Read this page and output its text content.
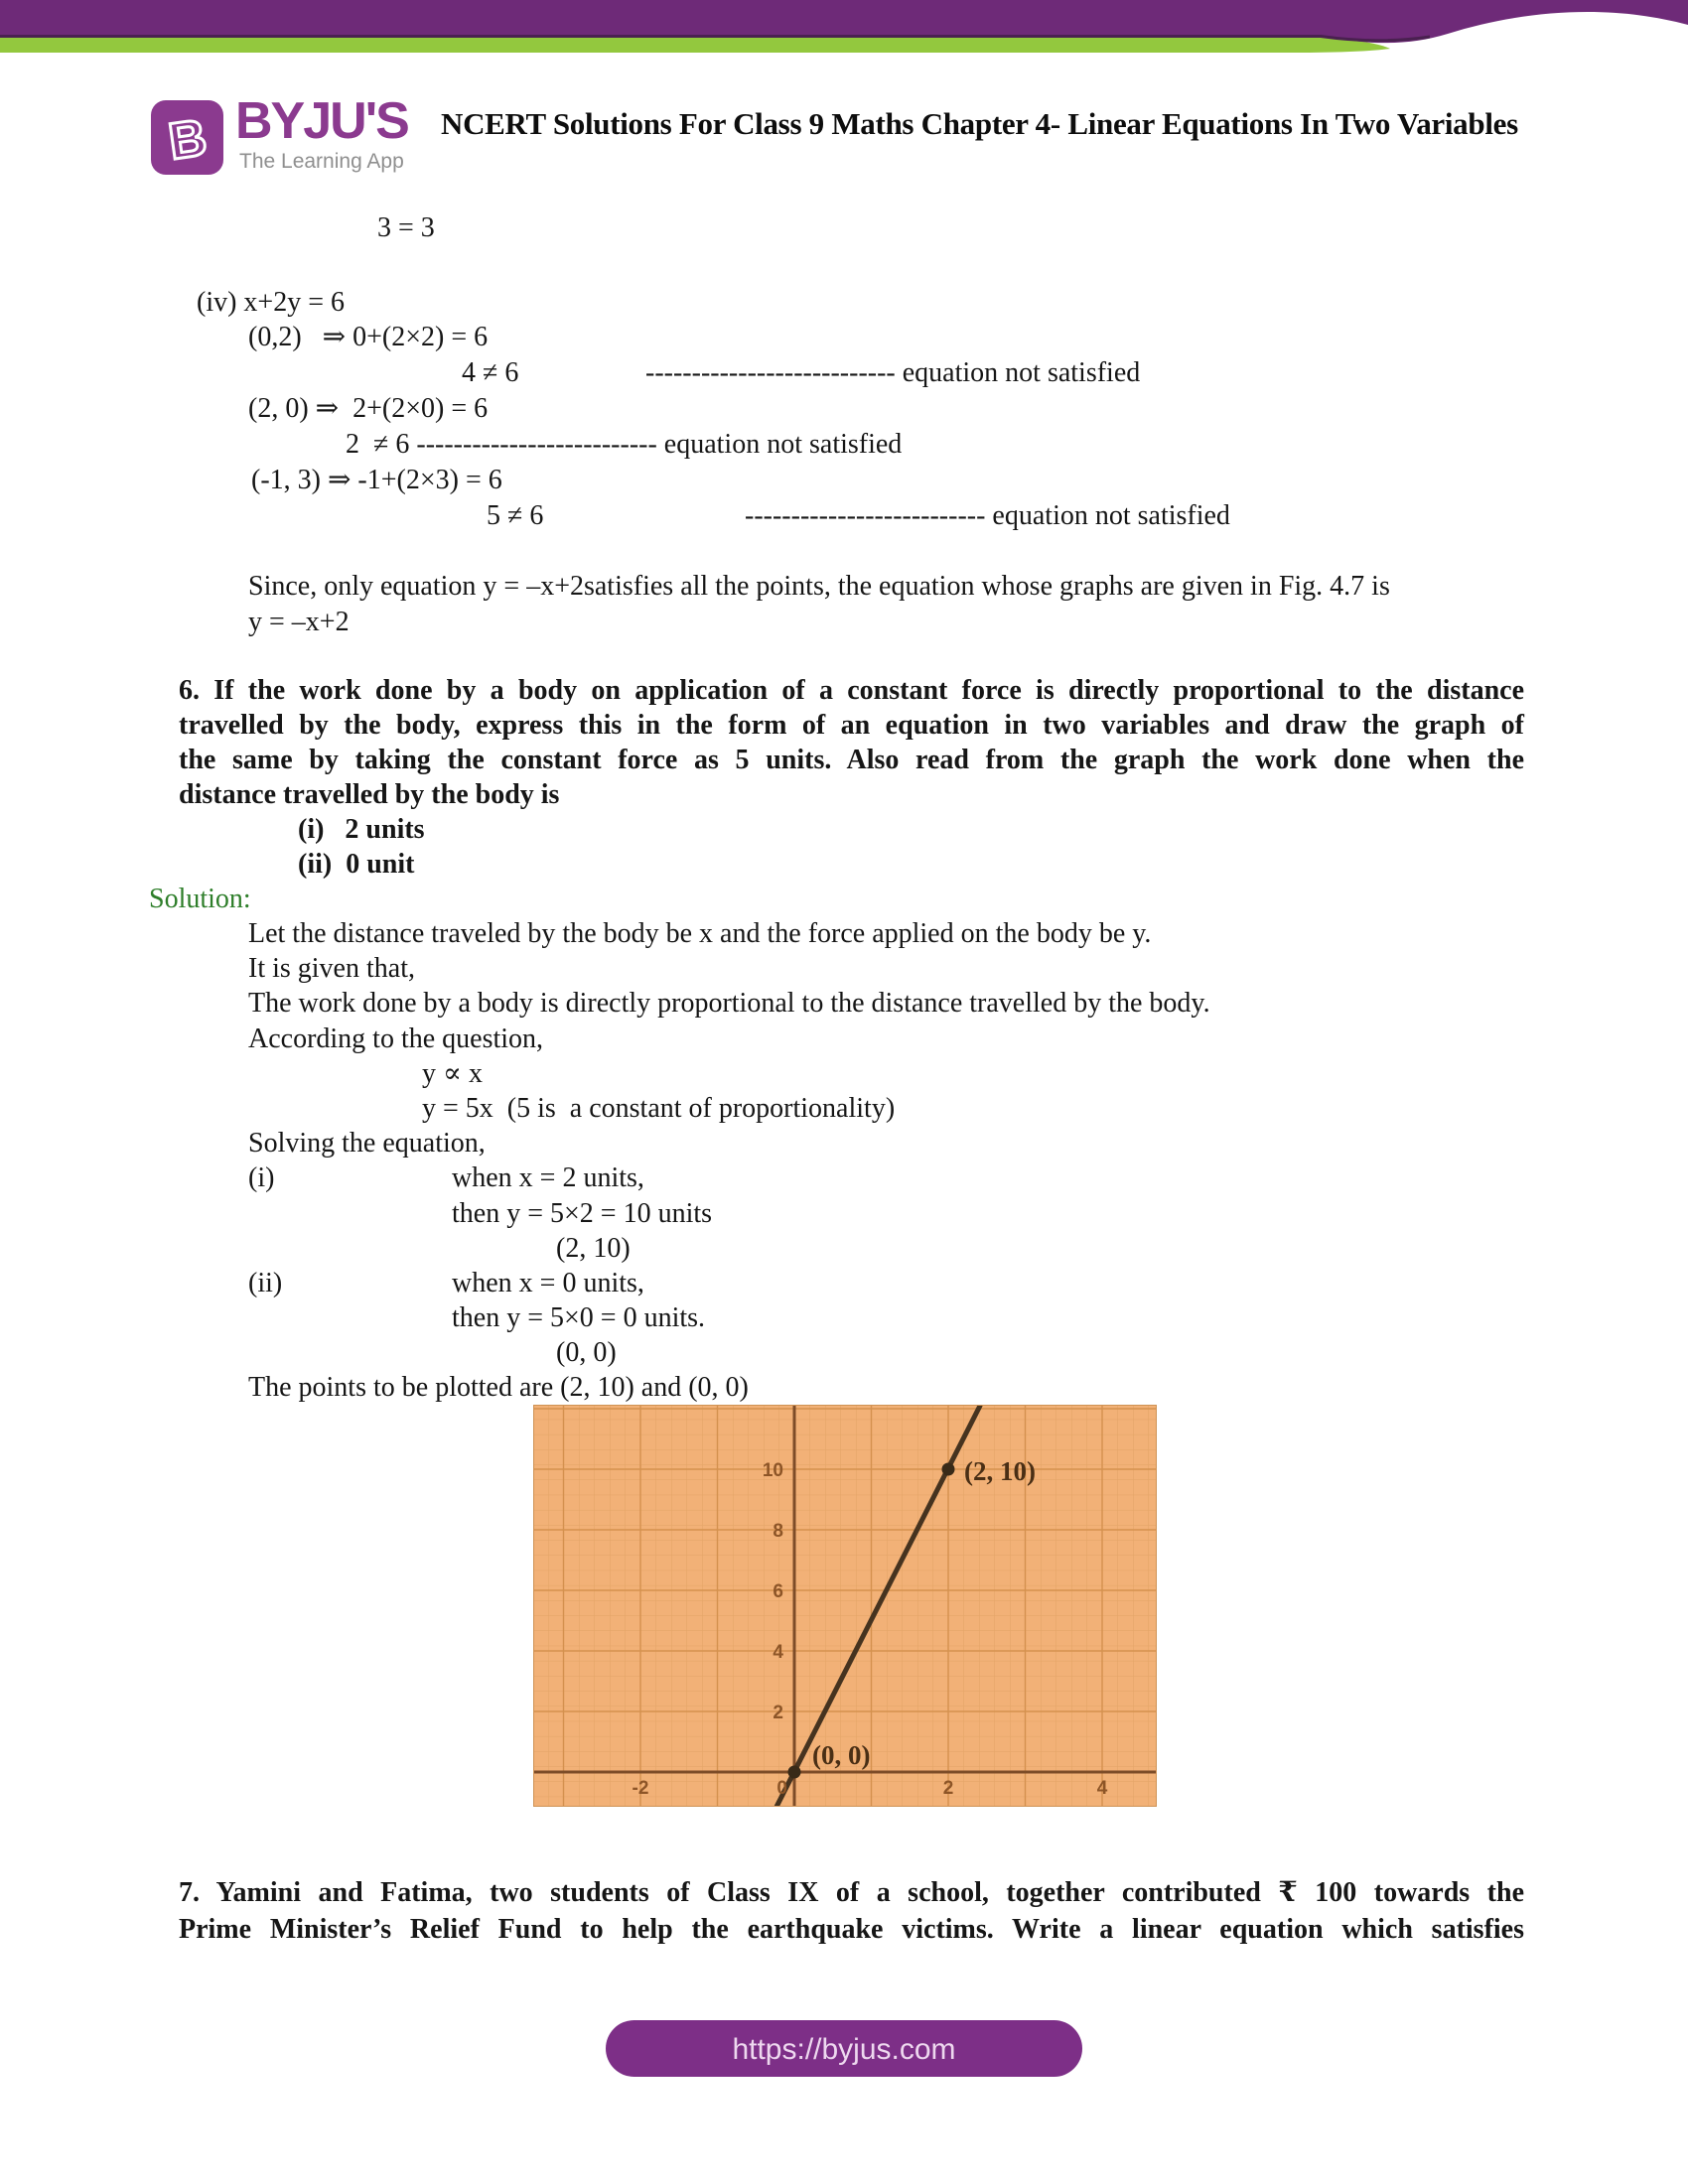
B BYJU'S
The Learning App
NCERT Solutions For Class 9 Maths Chapter 4- Linear Equations In Two Variables
3 = 3
(iv) x+2y = 6
(0,2)   ⇒ 0+(2×2) = 6
4 ≠ 6	--------------------------- equation not satisfied
(2, 0) ⇒  2+(2×0) = 6
2  ≠ 6 -------------------------- equation not satisfied
(-1, 3) ⇒ -1+(2×3) = 6
5 ≠ 6	-------------------------- equation not satisfied
Since, only equation y = –x+2satisfies all the points, the equation whose graphs are given in Fig. 4.7 is
y = –x+2
6. If the work done by a body on application of a constant force is directly proportional to the distance
travelled by the body, express this in the form of an equation in two variables and draw the graph of
the same by taking the constant force as 5 units. Also read from the graph the work done when the
distance travelled by the body is
(i)   2 units
(ii)  0 unit
Solution:
Let the distance traveled by the body be x and the force applied on the body be y.
It is given that,
The work done by a body is directly proportional to the distance travelled by the body.
According to the question,
y ∝ x
y = 5x  (5 is  a constant of proportionality)
Solving the equation,
(i)	when x = 2 units,
then y = 5×2 = 10 units
(2, 10)
(ii)	when x = 0 units,
then y = 5×0 = 0 units.
(0, 0)
The points to be plotted are (2, 10) and (0, 0)
10
8
6
4
2
0
-2	2	4
(0, 0)
(2, 10)
7. Yamini and Fatima, two students of Class IX of a school, together contributed ₹ 100 towards the
Prime Minister’s Relief Fund to help the earthquake victims. Write a linear equation which satisfies
https://byjus.com
